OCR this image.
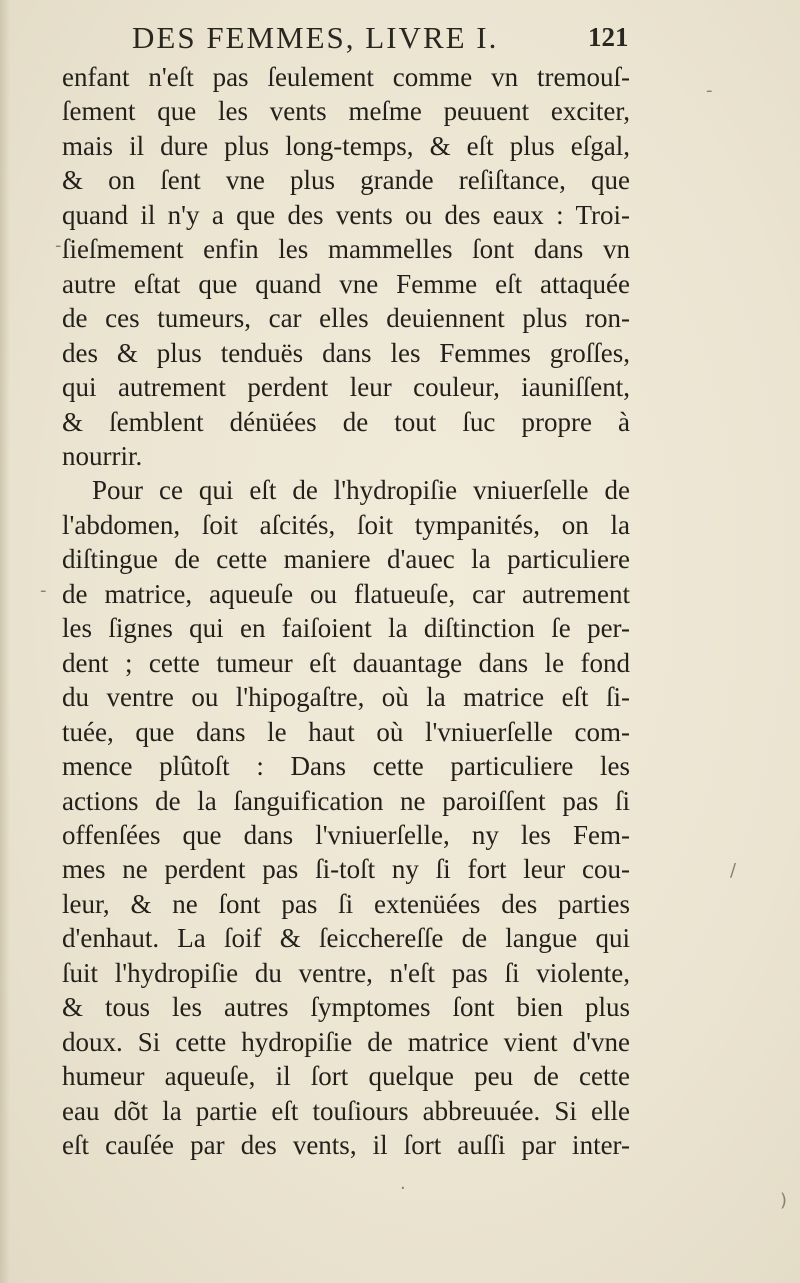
DES FEMMES, LIVRE I.	121
enfant n'eſt pas ſeulement comme vn tremouſ-
ſement que les vents meſme peuuent exciter,
mais il dure plus long-temps, & eſt plus eſgal,
& on ſent vne plus grande reſiſtance, que
quand il n'y a que des vents ou des eaux : Troi-
ſieſmement enfin les mammelles ſont dans vn
autre eſtat que quand vne Femme eſt attaquée
de ces tumeurs, car elles deuiennent plus ron-
des & plus tenduës dans les Femmes groſſes,
qui autrement perdent leur couleur, iauniſſent,
& ſemblent dénüées de tout ſuc propre à
nourrir.
Pour ce qui eſt de l'hydropiſie vniuerſelle de
l'abdomen, ſoit aſcités, ſoit tympanités, on la
diſtingue de cette maniere d'auec la particuliere
de matrice, aqueuſe ou flatueuſe, car autrement
les ſignes qui en faiſoient la diſtinction ſe per-
dent ; cette tumeur eſt dauantage dans le fond
du ventre ou l'hipogaſtre, où la matrice eſt ſi-
tuée, que dans le haut où l'vniuerſelle com-
mence plûtoſt : Dans cette particuliere les
actions de la ſanguification ne paroiſſent pas ſi
offenſées que dans l'vniuerſelle, ny les Fem-
mes ne perdent pas ſi-toſt ny ſi fort leur cou-
leur, & ne ſont pas ſi extenüées des parties
d'enhaut. La ſoif & ſeicchereſſe de langue qui
ſuit l'hydropiſie du ventre, n'eſt pas ſi violente,
& tous les autres ſymptomes ſont bien plus
doux. Si cette hydropiſie de matrice vient d'vne
humeur aqueuſe, il ſort quelque peu de cette
eau dõt la partie eſt touſiours abbreuuée. Si elle
eſt cauſée par des vents, il ſort auſſi par inter-
-
-
-
/
)
·
